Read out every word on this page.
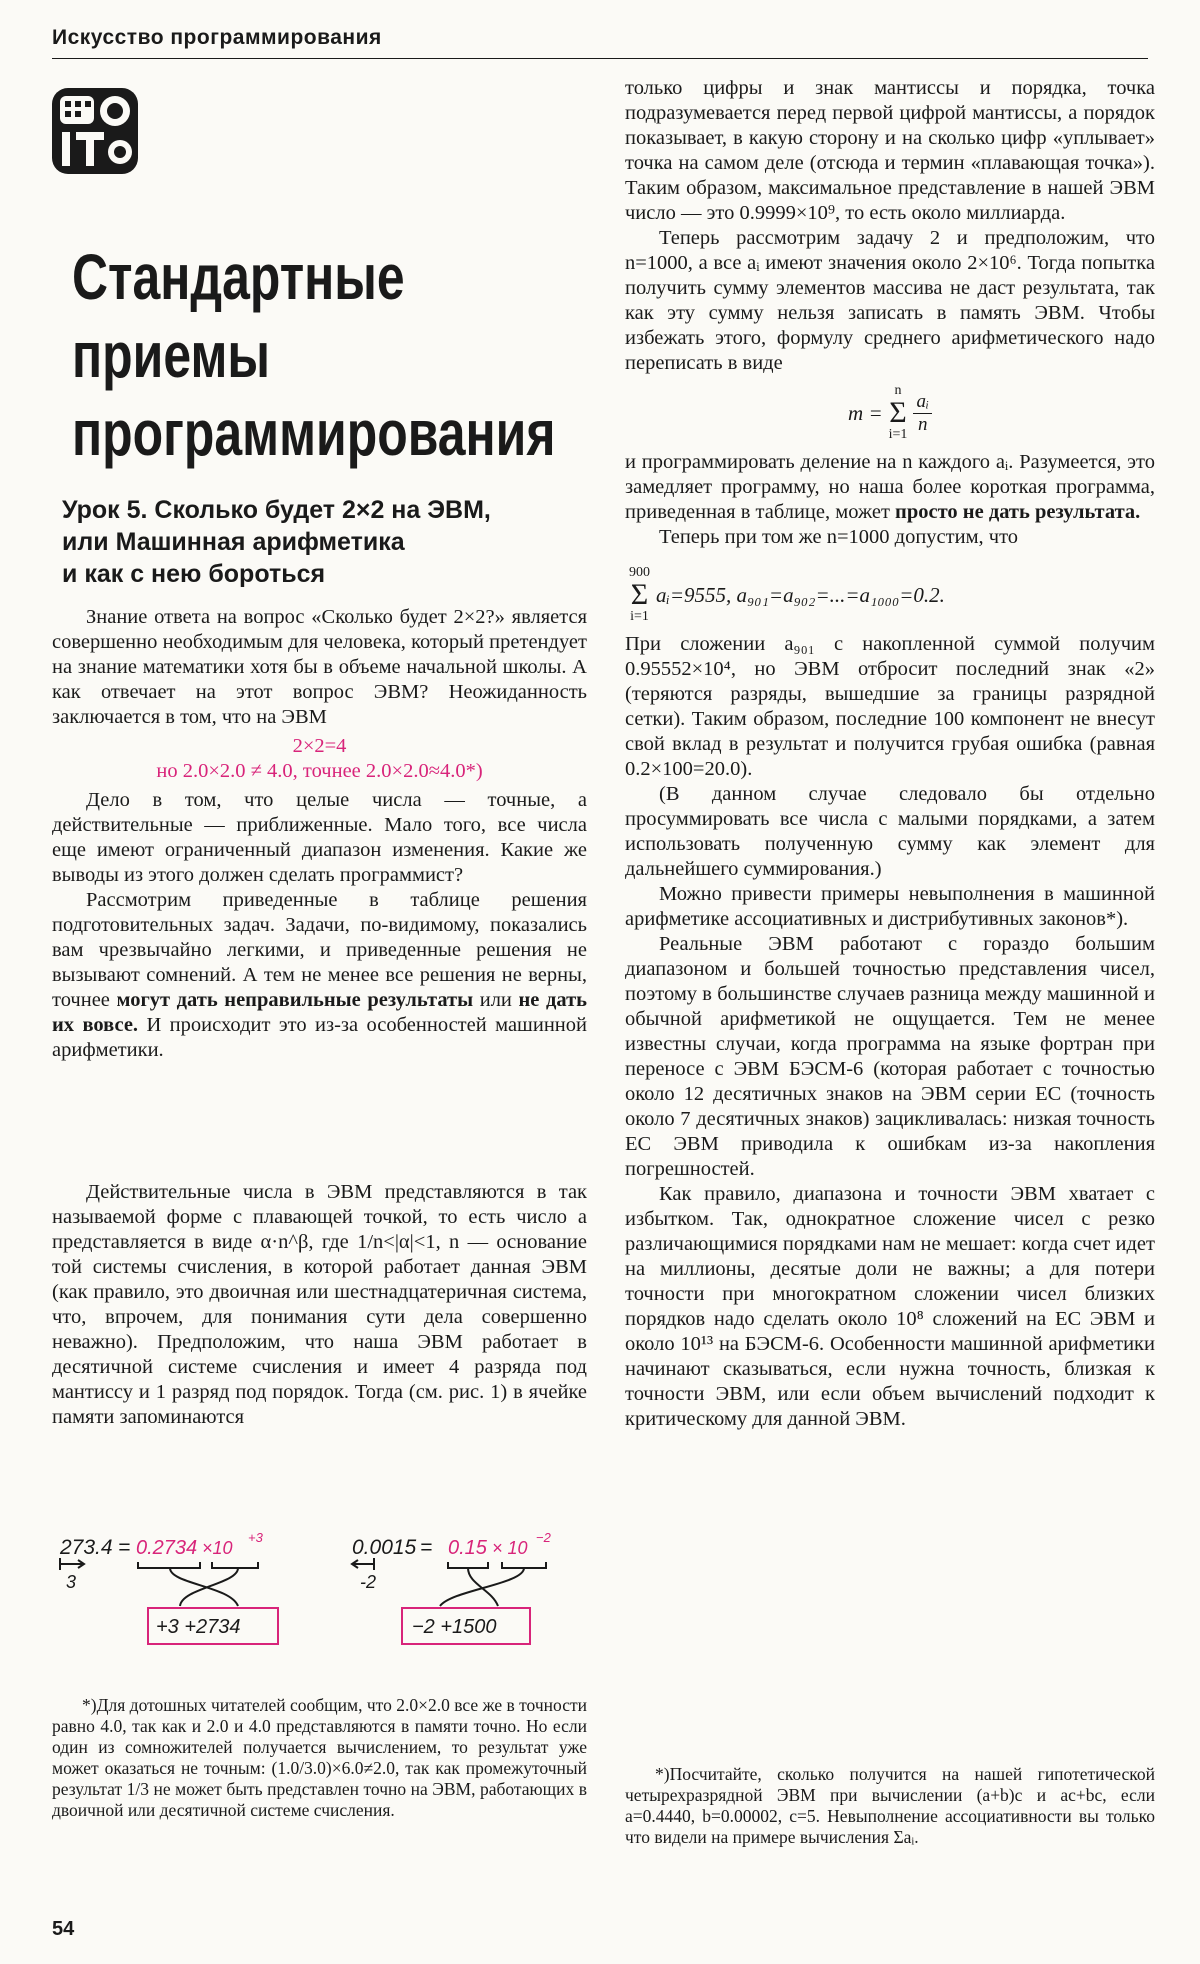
Искусство программирования
Стандартные
приемы
программирования
Урок 5. Сколько будет 2×2 на ЭВМ,
или Машинная арифметика
и как с нею бороться

Знание ответа на вопрос «Сколько будет 2×2?» является совершенно необходимым для человека, который претендует на знание математики хотя бы в объеме начальной школы. А как отвечает на этот вопрос ЭВМ? Неожиданность заключается в том, что на ЭВМ

2×2=4
но 2.0×2.0 ≠ 4.0, точнее 2.0×2.0≈4.0*)

Дело в том, что целые числа — точные, а действительные — приближенные. Мало того, все числа еще имеют ограниченный диапазон изменения. Какие же выводы из этого должен сделать программист?

Рассмотрим приведенные в таблице решения подготовительных задач. Задачи, по-видимому, показались вам чрезвычайно легкими, и приведенные решения не вызывают сомнений. А тем не менее все решения не верны, точнее могут дать неправильные результаты или не дать их вовсе. И происходит это из-за особенностей машинной арифметики.

Действительные числа в ЭВМ представляются в так называемой форме с плавающей точкой, то есть число a представляется в виде α·n^β, где 1/n<|α|<1, n — основание той системы счисления, в которой работает данная ЭВМ (как правило, это двоичная или шестнадцатеричная система, что, впрочем, для понимания сути дела совершенно неважно). Предположим, что наша ЭВМ работает в десятичной системе счисления и имеет 4 разряда под мантиссу и 1 разряд под порядок. Тогда (см. рис. 1) в ячейке памяти запоминаются

273.4 = 0.2734 ×10
+3
3
+3 +2734
0.0015 = 0.15 × 10
−2
-2
−2 +1500

*)Для дотошных читателей сообщим, что 2.0×2.0 все же в точности равно 4.0, так как и 2.0 и 4.0 представляются в памяти точно. Но если один из сомножителей получается вычислением, то результат уже может оказаться не точным: (1.0/3.0)×6.0≠2.0, так как промежуточный результат 1/3 не может быть представлен точно на ЭВМ, работающих в двоичной или десятичной системе счисления.

только цифры и знак мантиссы и порядка, точка подразумевается перед первой цифрой мантиссы, а порядок показывает, в какую сторону и на сколько цифр «уплывает» точка на самом деле (отсюда и термин «плавающая точка»). Таким образом, максимальное представление в нашей ЭВМ число — это 0.9999×10⁹, то есть около миллиарда.

Теперь рассмотрим задачу 2 и предположим, что n=1000, а все aᵢ имеют значения около 2×10⁶. Тогда попытка получить сумму элементов массива не даст результата, так как эту сумму нельзя записать в память ЭВМ. Чтобы избежать этого, формулу среднего арифметического надо переписать в виде

m =
n
Σ
$i=1 \frac{\text{aᵢ}}{n}$

и программировать деление на n каждого aᵢ. Разумеется, это замедляет программу, но наша более короткая программа, приведенная в таблице, может просто не дать результата.

Теперь при том же n=1000 допустим, что

900
Σ
i=1
aᵢ=9555, a₉₀₁=a₉₀₂=...=a₁₀₀₀=0.2.

При сложении a₉₀₁ с накопленной суммой получим 0.95552×10⁴, но ЭВМ отбросит последний знак «2» (теряются разряды, вышедшие за границы разрядной сетки). Таким образом, последние 100 компонент не внесут свой вклад в результат и получится грубая ошибка (равная 0.2×100=20.0).

(В данном случае следовало бы отдельно просуммировать все числа с малыми порядками, а затем использовать полученную сумму как элемент для дальнейшего суммирования.)

Можно привести примеры невыполнения в машинной арифметике ассоциативных и дистрибутивных законов*).

Реальные ЭВМ работают с гораздо большим диапазоном и большей точностью представления чисел, поэтому в большинстве случаев разница между машинной и обычной арифметикой не ощущается. Тем не менее известны случаи, когда программа на языке фортран при переносе с ЭВМ БЭСМ-6 (которая работает с точностью около 12 десятичных знаков на ЭВМ серии ЕС (точность около 7 десятичных знаков) зацикливалась: низкая точность ЕС ЭВМ приводила к ошибкам из-за накопления погрешностей.

Как правило, диапазона и точности ЭВМ хватает с избытком. Так, однократное сложение чисел с резко различающимися порядками нам не мешает: когда счет идет на миллионы, десятые доли не важны; а для потери точности при многократном сложении чисел близких порядков надо сделать около 10⁸ сложений на ЕС ЭВМ и около 10¹³ на БЭСМ-6. Особенности машинной арифметики начинают сказываться, если нужна точность, близкая к точности ЭВМ, или если объем вычислений подходит к критическому для данной ЭВМ.

*)Посчитайте, сколько получится на нашей гипотетической четырехразрядной ЭВМ при вычислении (a+b)c и ac+bc, если a=0.4440, b=0.00002, c=5. Невыполнение ассоциативности вы только что видели на примере вычисления Σaᵢ.

54
